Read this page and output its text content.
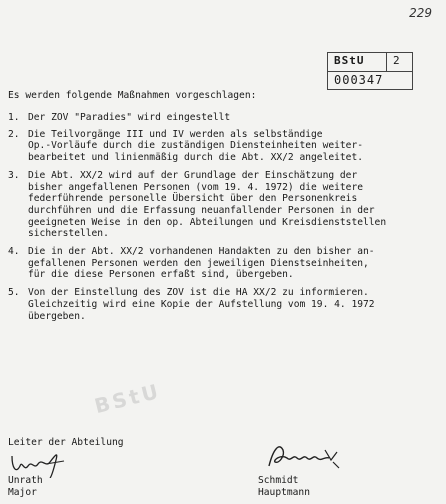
229
BStU	2
000347
Es werden folgende Maßnahmen vorgeschlagen:
1. Der ZOV "Paradies" wird eingestellt
2. Die Teilvorgänge III und IV werden als selbständige
Op.-Vorläufe durch die zuständigen Diensteinheiten weiter-
bearbeitet und linienmäßig durch die Abt. XX/2 angeleitet.
3. Die Abt. XX/2 wird auf der Grundlage der Einschätzung der
bisher angefallenen Personen (vom 19. 4. 1972) die weitere
federführende personelle Übersicht über den Personenkreis
durchführen und die Erfassung neuanfallender Personen in der
geeigneten Weise in den op. Abteilungen und Kreisdienststellen
sicherstellen.
4. Die in der Abt. XX/2 vorhandenen Handakten zu den bisher an-
gefallenen Personen werden den jeweiligen Dienstseinheiten,
für die diese Personen erfaßt sind, übergeben.
5. Von der Einstellung des ZOV ist die HA XX/2 zu informieren.
Gleichzeitig wird eine Kopie der Aufstellung vom 19. 4. 1972
übergeben.
BStU
Leiter der Abteilung
Unrath
Major
Schmidt
Hauptmann
